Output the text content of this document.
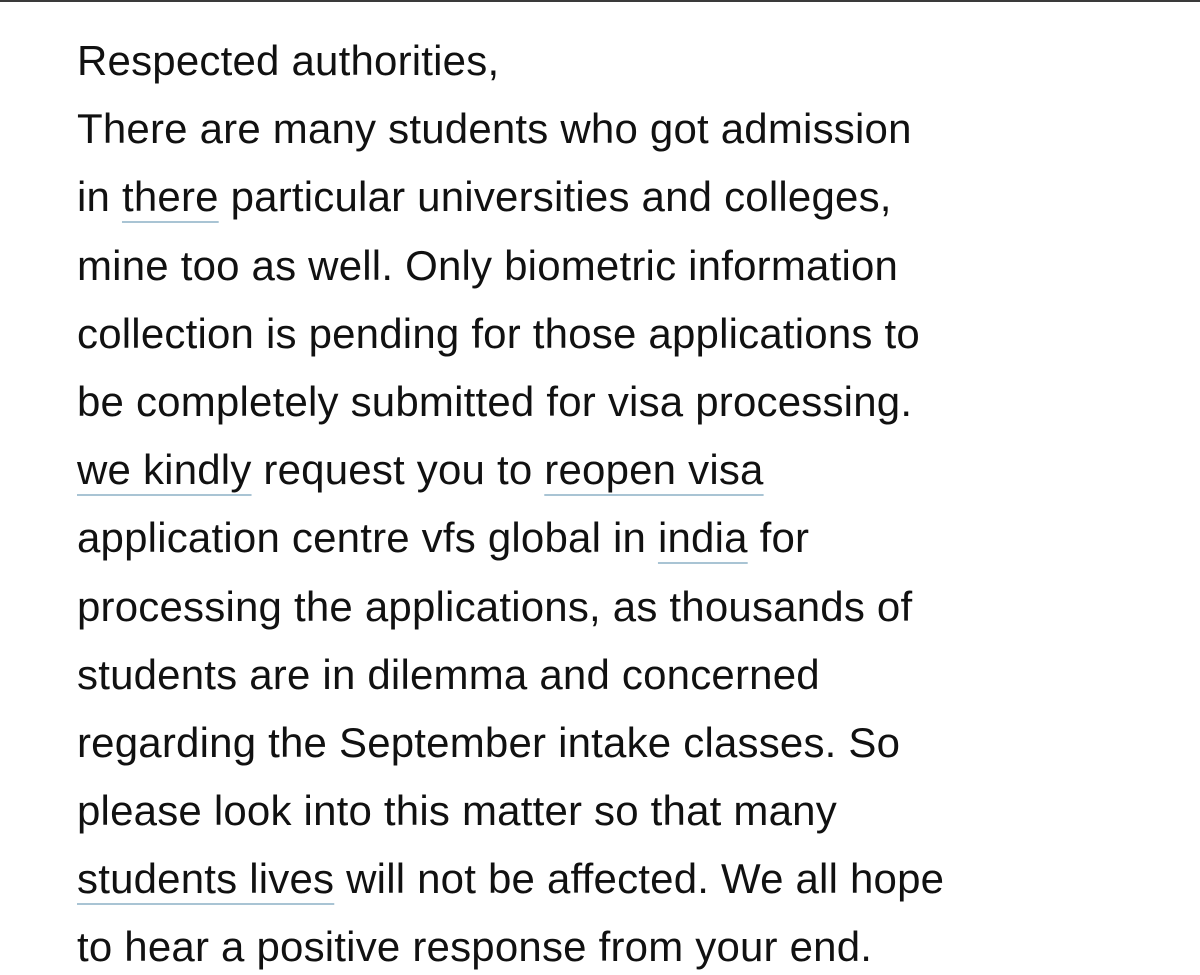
Respected authorities,
There are many students who got admission
in there particular universities and colleges,
mine too as well. Only biometric information
collection is pending for those applications to
be completely submitted for visa processing.
we kindly request you to reopen visa
application centre vfs global in india for
processing the applications, as thousands of
students are in dilemma and concerned
regarding the September intake classes. So
please look into this matter so that many
students lives will not be affected. We all hope
to hear a positive response from your end.
